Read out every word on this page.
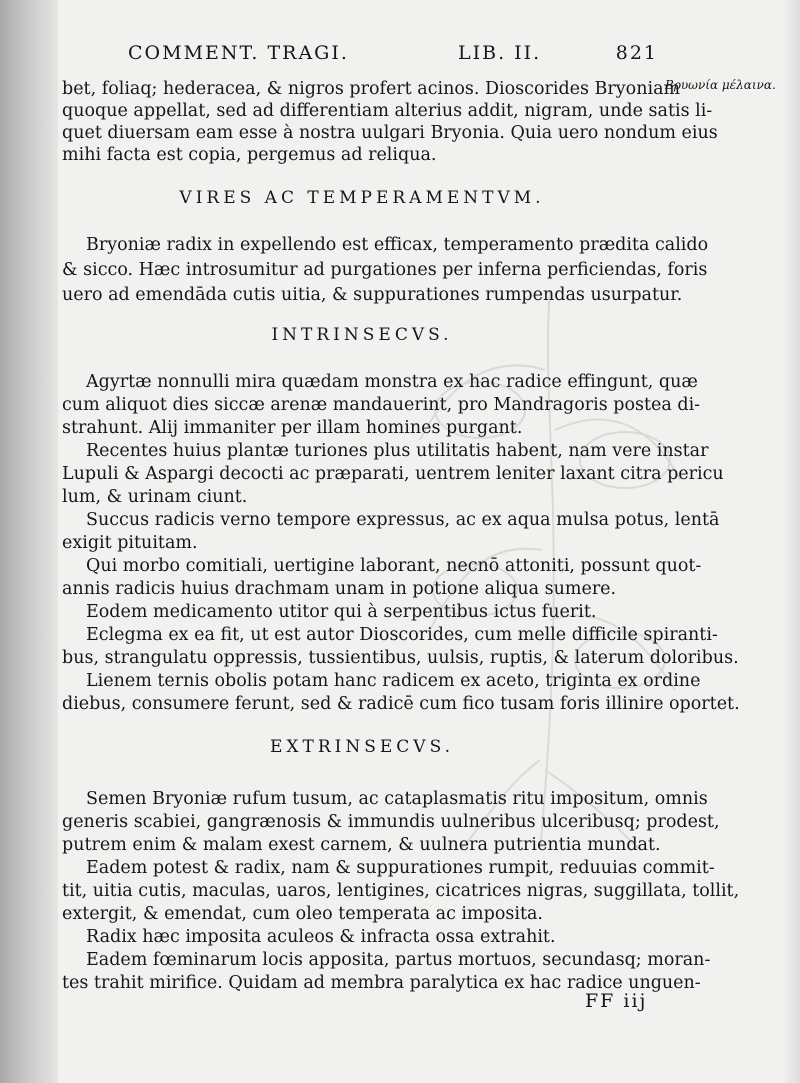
COMMENT. TRAGI.	LIB. II.	821
Βρυωνία μέλαινα.
bet, foliaq; hederacea, & nigros profert acinos. Dioscorides Bryoniam
quoque appellat, sed ad differentiam alterius addit, nigram, unde satis li-
quet diuersam eam esse à nostra uulgari Bryonia. Quia uero nondum eius
mihi facta est copia, pergemus ad reliqua.
VIRES AC TEMPERAMENTVM.
Bryoniæ radix in expellendo est efficax, temperamento prædita calido
& sicco. Hæc introsumitur ad purgationes per inferna perficiendas, foris
uero ad emendāda cutis uitia, & suppurationes rumpendas usurpatur.
INTRINSECVS.
Agyrtæ nonnulli mira quædam monstra ex hac radice effingunt, quæ
cum aliquot dies siccæ arenæ mandauerint, pro Mandragoris postea di-
strahunt. Alij immaniter per illam homines purgant.
Recentes huius plantæ turiones plus utilitatis habent, nam vere instar
Lupuli & Aspargi decocti ac præparati, uentrem leniter laxant citra pericu
lum, & urinam ciunt.
Succus radicis verno tempore expressus, ac ex aqua mulsa potus, lentā
exigit pituitam.
Qui morbo comitiali, uertigine laborant, necnō attoniti, possunt quot-
annis radicis huius drachmam unam in potione aliqua sumere.
Eodem medicamento utitor qui à serpentibus ictus fuerit.
Eclegma ex ea fit, ut est autor Dioscorides, cum melle difficile spiranti-
bus, strangulatu oppressis, tussientibus, uulsis, ruptis, & laterum doloribus.
Lienem ternis obolis potam hanc radicem ex aceto, triginta ex ordine
diebus, consumere ferunt, sed & radicē cum fico tusam foris illinire oportet.
EXTRINSECVS.
Semen Bryoniæ rufum tusum, ac cataplasmatis ritu impositum, omnis
generis scabiei, gangrænosis & immundis uulneribus ulceribusq; prodest,
putrem enim & malam exest carnem, & uulnera putrientia mundat.
Eadem potest & radix, nam & suppurationes rumpit, reduuias commit-
tit, uitia cutis, maculas, uaros, lentigines, cicatrices nigras, suggillata, tollit,
extergit, & emendat, cum oleo temperata ac imposita.
Radix hæc imposita aculeos & infracta ossa extrahit.
Eadem fœminarum locis apposita, partus mortuos, secundasq; moran-
tes trahit mirifice. Quidam ad membra paralytica ex hac radice unguen-
FF iij
